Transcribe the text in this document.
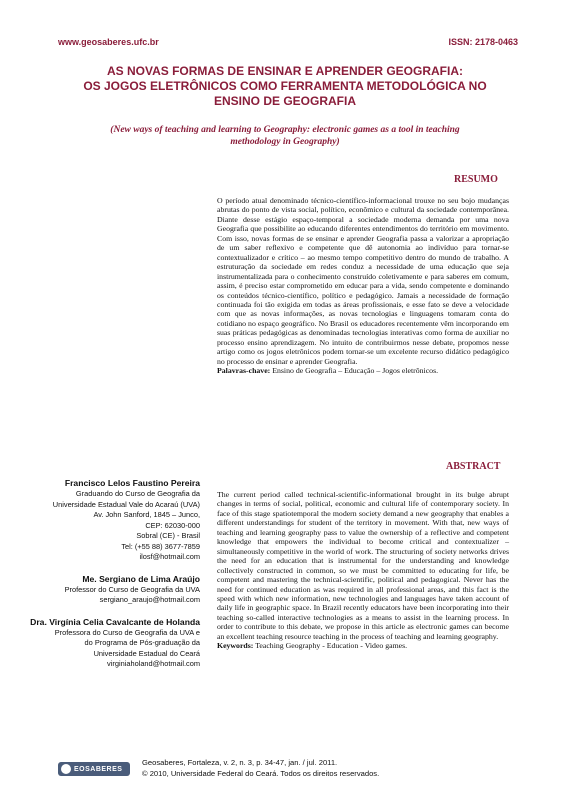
www.geosaberes.ufc.br	ISSN: 2178-0463
AS NOVAS FORMAS DE ENSINAR E APRENDER GEOGRAFIA:
OS JOGOS ELETRÔNICOS COMO FERRAMENTA METODOLÓGICA NO
ENSINO DE GEOGRAFIA
(New ways of teaching and learning to Geography: electronic games as a tool in teaching methodology in Geography)
RESUMO

O período atual denominado técnico-científico-informacional trouxe no seu bojo mudanças abrutas do ponto de vista social, político, econômico e cultural da sociedade contemporânea. Diante desse estágio espaço-temporal a sociedade moderna demanda por uma nova Geografia que possibilite ao educando diferentes entendimentos do território em movimento. Com isso, novas formas de se ensinar e aprender Geografia passa a valorizar a apropriação de um saber reflexivo e competente que dê autonomia ao indivíduo para tornar-se contextualizador e crítico – ao mesmo tempo competitivo dentro do mundo de trabalho. A estruturação da sociedade em redes conduz a necessidade de uma educação que seja instrumentalizada para o conhecimento construído coletivamente e para saberes em comum, assim, é preciso estar comprometido em educar para a vida, sendo competente e dominando os conteúdos técnico-científico, político e pedagógico. Jamais a necessidade de formação continuada foi tão exigida em todas as áreas profissionais, e esse fato se deve a velocidade com que as novas informações, as novas tecnologias e linguagens tomaram conta do cotidiano no espaço geográfico. No Brasil os educadores recentemente vêm incorporando em suas práticas pedagógicas as denominadas tecnologias interativas como forma de auxiliar no processo ensino aprendizagem. No intuito de contribuirmos nesse debate, propomos nesse artigo como os jogos eletrônicos podem tornar-se um excelente recurso didático pedagógico no processo de ensinar e aprender Geografia.
Palavras-chave: Ensino de Geografia – Educação – Jogos eletrônicos.

ABSTRACT
Francisco Lelos Faustino Pereira
Graduando do Curso de Geografia da
Universidade Estadual Vale do Acaraú (UVA)
Av. John Sanford, 1845 – Junco,
CEP: 62030-000
Sobral (CE) - Brasil
Tel: (+55 88) 3677-7859
ilosf@hotmail.com
Me. Sergiano de Lima Araújo
Professor do Curso de Geografia da UVA
sergiano_araujo@hotmail.com
Dra. Virgínia Celia Cavalcante de Holanda
Professora do Curso de Geografia da UVA e
do Programa de Pós-graduação da
Universidade Estadual do Ceará
virginiaholand@hotmail.com

The current period called technical-scientific-informational brought in its bulge abrupt changes in terms of social, political, economic and cultural life of contemporary society. In face of this stage spatiotemporal the modern society demand a new geography that enables a different understandings for student of the territory in movement. With that, new ways of teaching and learning geography pass to value the ownership of a reflective and competent knowledge that empowers the individual to become critical and contextualizer – simultaneously competitive in the world of work. The structuring of society networks drives the need for an education that is instrumental for the understanding and knowledge collectively constructed in common, so we must be committed to educating for life, be competent and mastering the technical-scientific, political and pedagogical. Never has the need for continued education as was required in all professional areas, and this fact is the speed with which new information, new technologies and languages have taken account of daily life in geographic space. In Brazil recently educators have been incorporating into their teaching so-called interactive technologies as a means to assist in the learning process. In order to contribute to this debate, we propose in this article as electronic games can become an excellent teaching resource teaching in the process of teaching and learning geography.
Keywords: Teaching Geography - Education - Video games.

EOSABERES
Geosaberes, Fortaleza, v. 2, n. 3, p. 34-47, jan. / jul. 2011.
© 2010, Universidade Federal do Ceará. Todos os direitos reservados.
